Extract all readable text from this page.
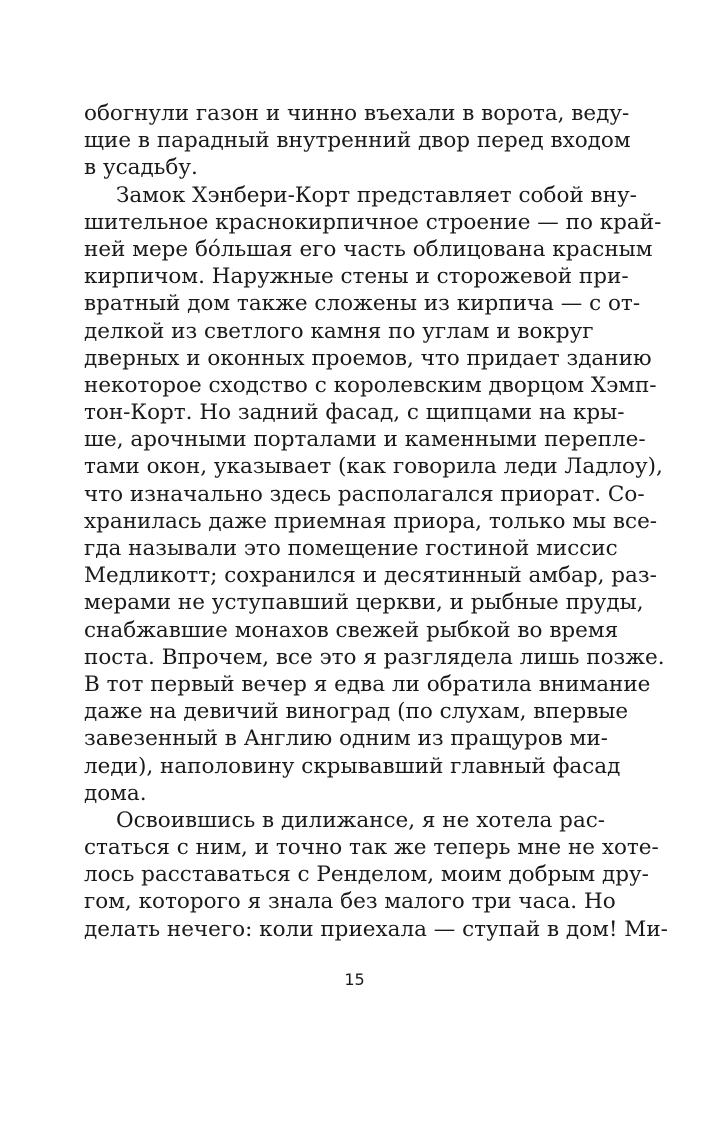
обогнули газон и чинно въехали в ворота, веду-
щие в парадный внутренний двор перед входом
в усадьбу.
Замок Хэнбери-Корт представляет собой вну-
шительное краснокирпичное строение — по край-
ней мере бóльшая его часть облицована красным
кирпичом. Наружные стены и сторожевой при-
вратный дом также сложены из кирпича — с от-
делкой из светлого камня по углам и вокруг
дверных и оконных проемов, что придает зданию
некоторое сходство с королевским дворцом Хэмп-
тон-Корт. Но задний фасад, с щипцами на кры-
ше, арочными порталами и каменными перепле-
тами окон, указывает (как говорила леди Ладлоу),
что изначально здесь располагался приорат. Со-
хранилась даже приемная приора, только мы все-
гда называли это помещение гостиной миссис
Медликотт; сохранился и десятинный амбар, раз-
мерами не уступавший церкви, и рыбные пруды,
снабжавшие монахов свежей рыбкой во время
поста. Впрочем, все это я разглядела лишь позже.
В тот первый вечер я едва ли обратила внимание
даже на девичий виноград (по слухам, впервые
завезенный в Англию одним из пращуров ми-
леди), наполовину скрывавший главный фасад
дома.
Освоившись в дилижансе, я не хотела рас-
статься с ним, и точно так же теперь мне не хоте-
лось расставаться с Ренделом, моим добрым дру-
гом, которого я знала без малого три часа. Но
делать нечего: коли приехала — ступай в дом! Ми-
15
